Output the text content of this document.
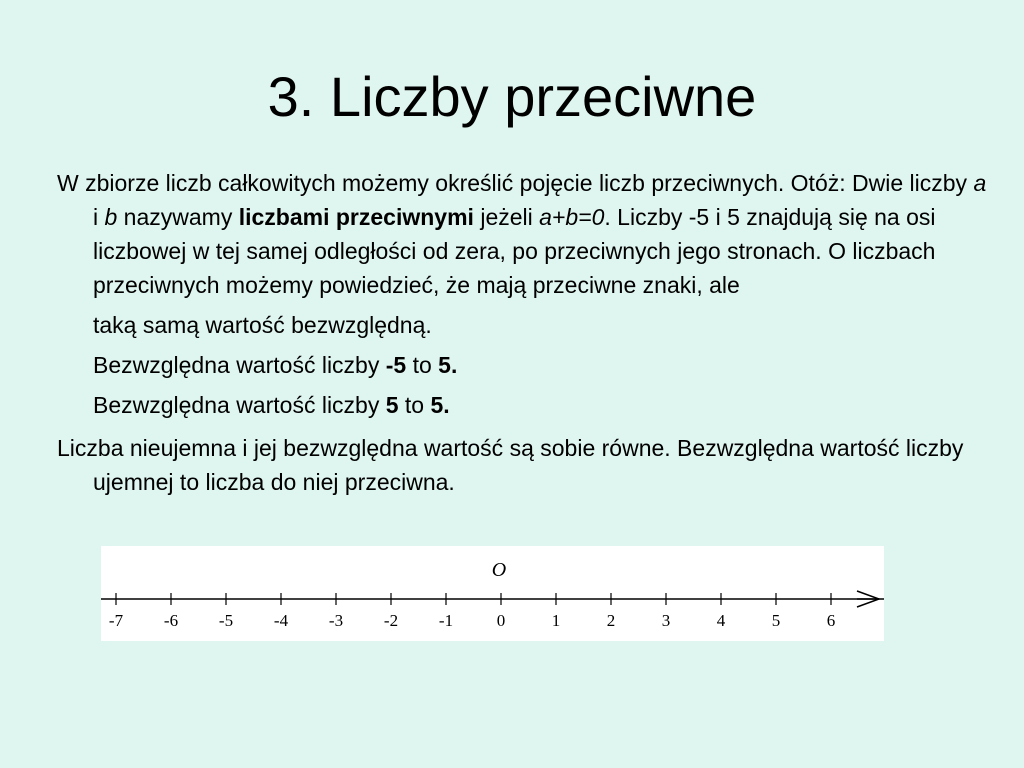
3. Liczby przeciwne

W zbiorze liczb całkowitych możemy określić pojęcie liczb przeciwnych. Otóż: Dwie liczby a i b nazywamy liczbami przeciwnymi jeżeli a+b=0. Liczby -5 i 5 znajdują się na osi liczbowej w tej samej odległości od zera, po przeciwnych jego stronach. O liczbach przeciwnych możemy powiedzieć, że mają przeciwne znaki, ale

taką samą wartość bezwzględną.

Bezwzględna wartość liczby -5 to 5.

Bezwzględna wartość liczby 5 to 5.

Liczba nieujemna i jej bezwzględna wartość są sobie równe. Bezwzględna wartość liczby ujemnej to liczba do niej przeciwna.

O
-7 -6 -5 -4 -3 -2 -1	0	1	2	3	4	5	6
